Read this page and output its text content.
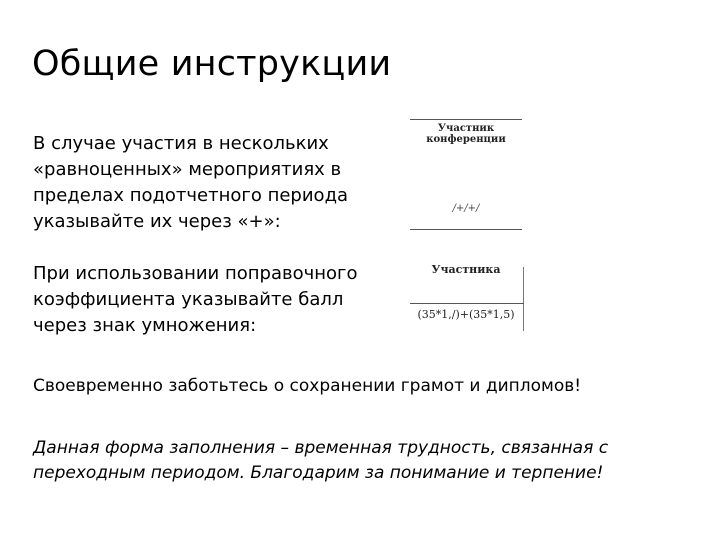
Общие инструкции

В случае участия в нескольких
«равноценных» мероприятиях в
пределах подотчетного периода
указывайте их через «+»:

Участник
конференции
/+/+/

При использовании поправочного
коэффициента указывайте балл
через знак умножения:

Участника
(35*1,/)+(35*1,5)

Своевременно заботьтесь о сохранении грамот и дипломов!

Данная форма заполнения – временная трудность, связанная с
переходным периодом. Благодарим за понимание и терпение!
